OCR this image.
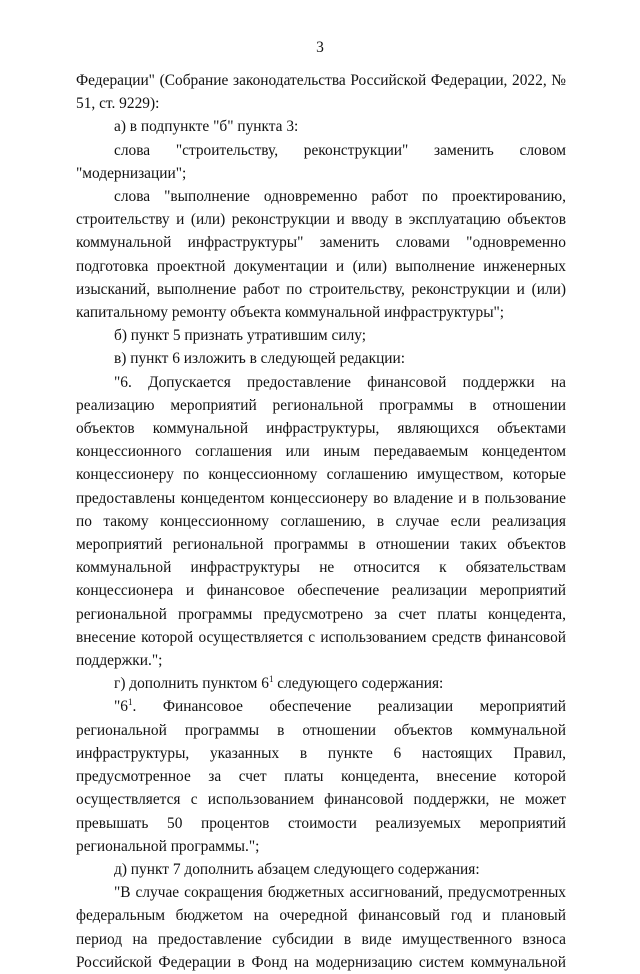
3

Федерации" (Собрание законодательства Российской Федерации, 2022, № 51, ст. 9229):

а) в подпункте "б" пункта 3:

слова "строительству, реконструкции" заменить словом "модернизации";

слова "выполнение одновременно работ по проектированию, строительству и (или) реконструкции и вводу в эксплуатацию объектов коммунальной инфраструктуры" заменить словами "одновременно подготовка проектной документации и (или) выполнение инженерных изысканий, выполнение работ по строительству, реконструкции и (или) капитальному ремонту объекта коммунальной инфраструктуры";

б) пункт 5 признать утратившим силу;

в) пункт 6 изложить в следующей редакции:

"6. Допускается предоставление финансовой поддержки на реализацию мероприятий региональной программы в отношении объектов коммунальной инфраструктуры, являющихся объектами концессионного соглашения или иным передаваемым концедентом концессионеру по концессионному соглашению имуществом, которые предоставлены концедентом концессионеру во владение и в пользование по такому концессионному соглашению, в случае если реализация мероприятий региональной программы в отношении таких объектов коммунальной инфраструктуры не относится к обязательствам концессионера и финансовое обеспечение реализации мероприятий региональной программы предусмотрено за счет платы концедента, внесение которой осуществляется с использованием средств финансовой поддержки.";

г) дополнить пунктом $6^1$ следующего содержания:

"$6^1$. Финансовое обеспечение реализации мероприятий региональной программы в отношении объектов коммунальной инфраструктуры, указанных в пункте 6 настоящих Правил, предусмотренное за счет платы концедента, внесение которой осуществляется с использованием финансовой поддержки, не может превышать 50 процентов стоимости реализуемых мероприятий региональной программы.";

д) пункт 7 дополнить абзацем следующего содержания:

"В случае сокращения бюджетных ассигнований, предусмотренных федеральным бюджетом на очередной финансовый год и плановый период на предоставление субсидии в виде имущественного взноса Российской Федерации в Фонд на модернизацию систем коммунальной
